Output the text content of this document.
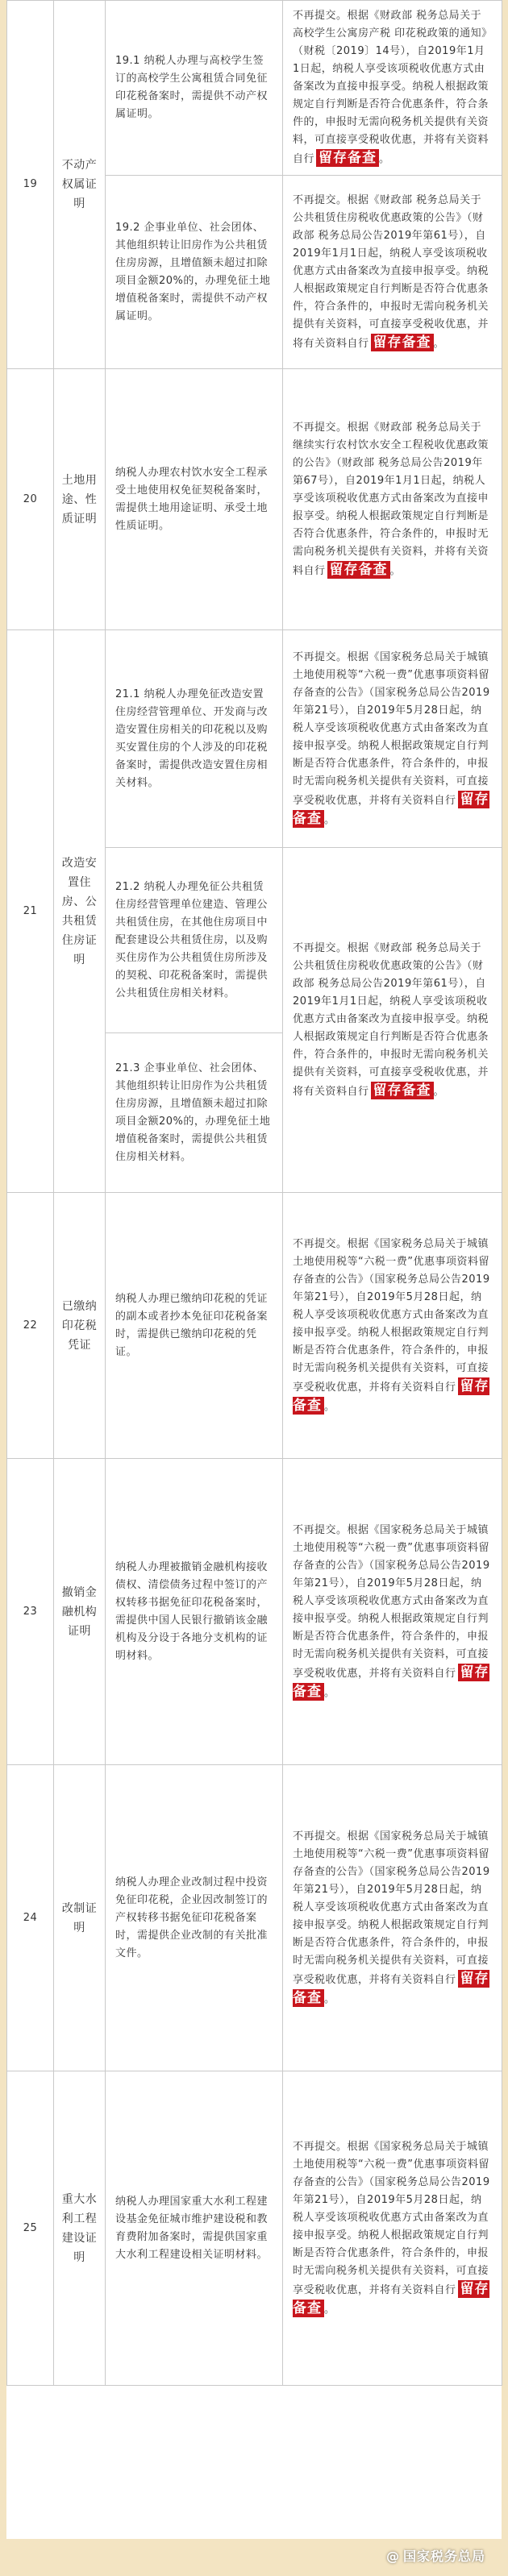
19	不动产权属证明	19.1 纳税人办理与高校学生签订的高校学生公寓租赁合同免征印花税备案时，需提供不动产权属证明。	不再提交。根据《财政部 税务总局关于高校学生公寓房产税 印花税政策的通知》（财税〔2019〕14号），自2019年1月1日起，纳税人享受该项税收优惠方式由备案改为直接申报享受。纳税人根据政策规定自行判断是否符合优惠条件，符合条件的，申报时无需向税务机关提供有关资料，可直接享受税收优惠，并将有关资料自行 留存备查 。
		19.2 企事业单位、社会团体、其他组织转让旧房作为公共租赁住房房源，且增值额未超过扣除项目金额20%的，办理免征土地增值税备案时，需提供不动产权属证明。	不再提交。根据《财政部 税务总局关于公共租赁住房税收优惠政策的公告》（财政部 税务总局公告2019年第61号），自2019年1月1日起，纳税人享受该项税收优惠方式由备案改为直接申报享受。纳税人根据政策规定自行判断是否符合优惠条件，符合条件的，申报时无需向税务机关提供有关资料，可直接享受税收优惠，并将有关资料自行 留存备查 。
20	土地用途、性质证明	纳税人办理农村饮水安全工程承受土地使用权免征契税备案时，需提供土地用途证明、承受土地性质证明。	不再提交。根据《财政部 税务总局关于继续实行农村饮水安全工程税收优惠政策的公告》（财政部 税务总局公告2019年第67号），自2019年1月1日起，纳税人享受该项税收优惠方式由备案改为直接申报享受。纳税人根据政策规定自行判断是否符合优惠条件，符合条件的，申报时无需向税务机关提供有关资料，并将有关资料自行 留存备查 。
21	改造安置住房、公共租赁住房证明	21.1 纳税人办理免征改造安置住房经营管理单位、开发商与改造安置住房相关的印花税以及购买安置住房的个人涉及的印花税备案时，需提供改造安置住房相关材料。	不再提交。根据《国家税务总局关于城镇土地使用税等“六税一费”优惠事项资料留存备查的公告》（国家税务总局公告2019年第21号），自2019年5月28日起，纳税人享受该项税收优惠方式由备案改为直接申报享受。纳税人根据政策规定自行判断是否符合优惠条件，符合条件的，申报时无需向税务机关提供有关资料，可直接享受税收优惠，并将有关资料自行 留存备查 。
		21.2 纳税人办理免征公共租赁住房经营管理单位建造、管理公共租赁住房，在其他住房项目中配套建设公共租赁住房，以及购买住房作为公共租赁住房所涉及的契税、印花税备案时，需提供公共租赁住房相关材料。	不再提交。根据《财政部 税务总局关于公共租赁住房税收优惠政策的公告》（财政部 税务总局公告2019年第61号），自2019年1月1日起，纳税人享受该项税收优惠方式由备案改为直接申报享受。纳税人根据政策规定自行判断是否符合优惠条件，符合条件的，申报时无需向税务机关提供有关资料，可直接享受税收优惠，并将有关资料自行 留存备查 。
		21.3 企事业单位、社会团体、其他组织转让旧房作为公共租赁住房房源，且增值额未超过扣除项目金额20%的，办理免征土地增值税备案时，需提供公共租赁住房相关材料。	
22	已缴纳印花税凭证	纳税人办理已缴纳印花税的凭证的副本或者抄本免征印花税备案时，需提供已缴纳印花税的凭证。	不再提交。根据《国家税务总局关于城镇土地使用税等“六税一费”优惠事项资料留存备查的公告》（国家税务总局公告2019年第21号），自2019年5月28日起，纳税人享受该项税收优惠方式由备案改为直接申报享受。纳税人根据政策规定自行判断是否符合优惠条件，符合条件的，申报时无需向税务机关提供有关资料，可直接享受税收优惠，并将有关资料自行 留存备查 。
23	撤销金融机构证明	纳税人办理被撤销金融机构接收债权、清偿债务过程中签订的产权转移书据免征印花税备案时，需提供中国人民银行撤销该金融机构及分设于各地分支机构的证明材料。	不再提交。根据《国家税务总局关于城镇土地使用税等“六税一费”优惠事项资料留存备查的公告》（国家税务总局公告2019年第21号），自2019年5月28日起，纳税人享受该项税收优惠方式由备案改为直接申报享受。纳税人根据政策规定自行判断是否符合优惠条件，符合条件的，申报时无需向税务机关提供有关资料，可直接享受税收优惠，并将有关资料自行 留存备查 。
24	改制证明	纳税人办理企业改制过程中投资免征印花税，企业因改制签订的产权转移书据免征印花税备案时，需提供企业改制的有关批准文件。	不再提交。根据《国家税务总局关于城镇土地使用税等“六税一费”优惠事项资料留存备查的公告》（国家税务总局公告2019年第21号），自2019年5月28日起，纳税人享受该项税收优惠方式由备案改为直接申报享受。纳税人根据政策规定自行判断是否符合优惠条件，符合条件的，申报时无需向税务机关提供有关资料，可直接享受税收优惠，并将有关资料自行 留存备查 。
25	重大水利工程建设证明	纳税人办理国家重大水利工程建设基金免征城市维护建设税和教育费附加备案时，需提供国家重大水利工程建设相关证明材料。	不再提交。根据《国家税务总局关于城镇土地使用税等“六税一费”优惠事项资料留存备查的公告》（国家税务总局公告2019年第21号），自2019年5月28日起，纳税人享受该项税收优惠方式由备案改为直接申报享受。纳税人根据政策规定自行判断是否符合优惠条件，符合条件的，申报时无需向税务机关提供有关资料，可直接享受税收优惠，并将有关资料自行 留存备查 。
@ 国家税务总局
